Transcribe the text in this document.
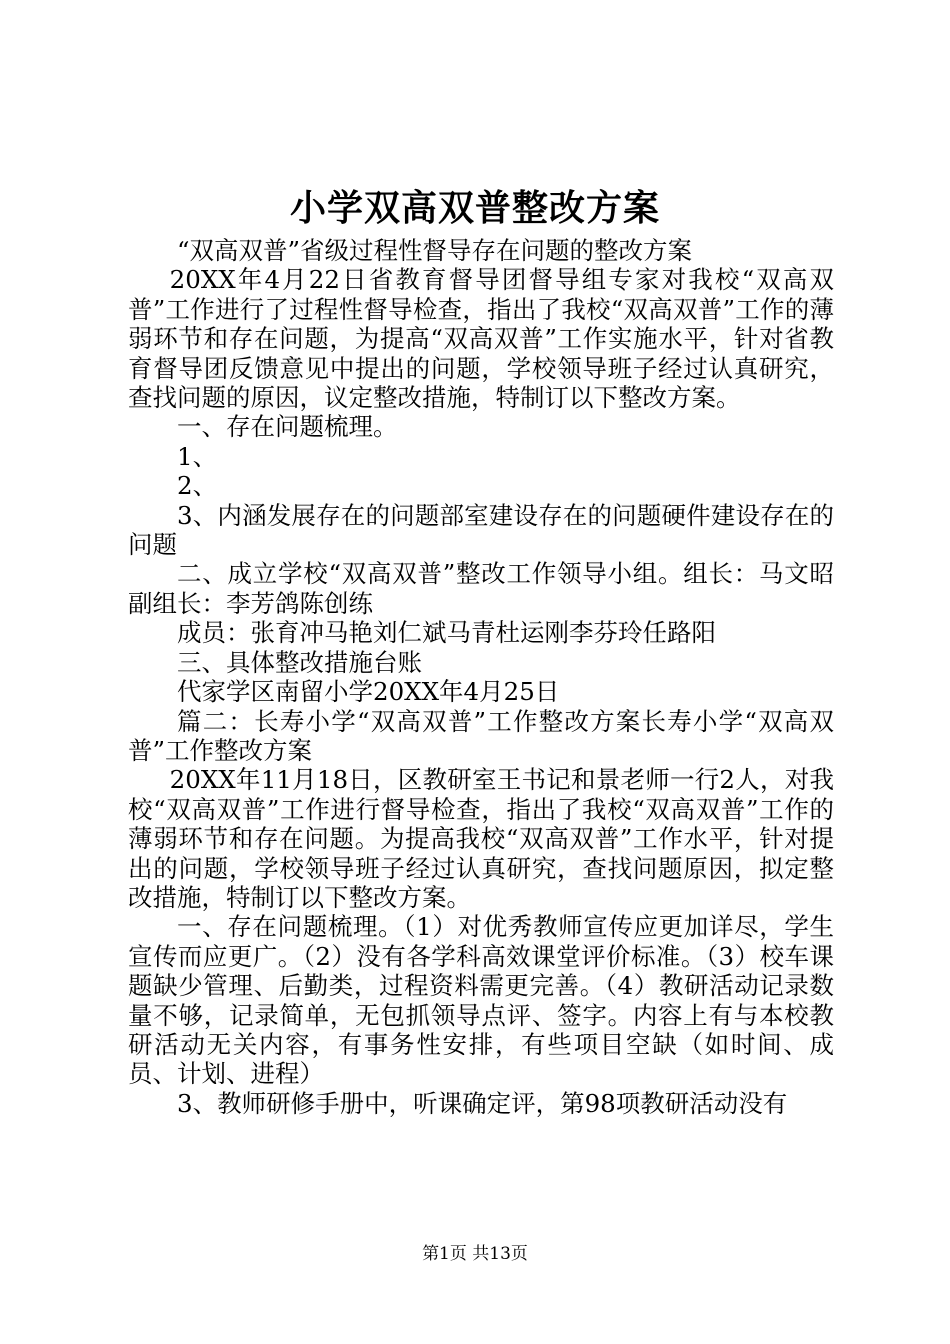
小学双高双普整改方案

“双高双普”省级过程性督导存在问题的整改方案

20XX年4月22日省教育督导团督导组专家对我校“双高双普”工作进行了过程性督导检查，指出了我校“双高双普”工作的薄弱环节和存在问题，为提高“双高双普”工作实施水平，针对省教育督导团反馈意见中提出的问题，学校领导班子经过认真研究，查找问题的原因，议定整改措施，特制订以下整改方案。

一、存在问题梳理。

1、

2、

3、内涵发展存在的问题部室建设存在的问题硬件建设存在的问题

二、成立学校“双高双普”整改工作领导小组。组长：马文昭副组长：李芳鸽陈创练

成员：张育冲马艳刘仁斌马青杜运刚李芬玲任路阳

三、具体整改措施台账

代家学区南留小学20XX年4月25日

篇二：长寿小学“双高双普”工作整改方案长寿小学“双高双普”工作整改方案

20XX年11月18日，区教研室王书记和景老师一行2人，对我校“双高双普”工作进行督导检查，指出了我校“双高双普”工作的薄弱环节和存在问题。为提高我校“双高双普”工作水平，针对提出的问题，学校领导班子经过认真研究，查找问题原因，拟定整改措施，特制订以下整改方案。

一、存在问题梳理。（1）对优秀教师宣传应更加详尽，学生宣传而应更广。（2）没有各学科高效课堂评价标准。（3）校车课题缺少管理、后勤类，过程资料需更完善。（4）教研活动记录数量不够，记录简单，无包抓领导点评、签字。内容上有与本校教研活动无关内容，有事务性安排，有些项目空缺（如时间、成员、计划、进程）

3、教师研修手册中，听课确定评，第98项教研活动没有

第1页 共13页
